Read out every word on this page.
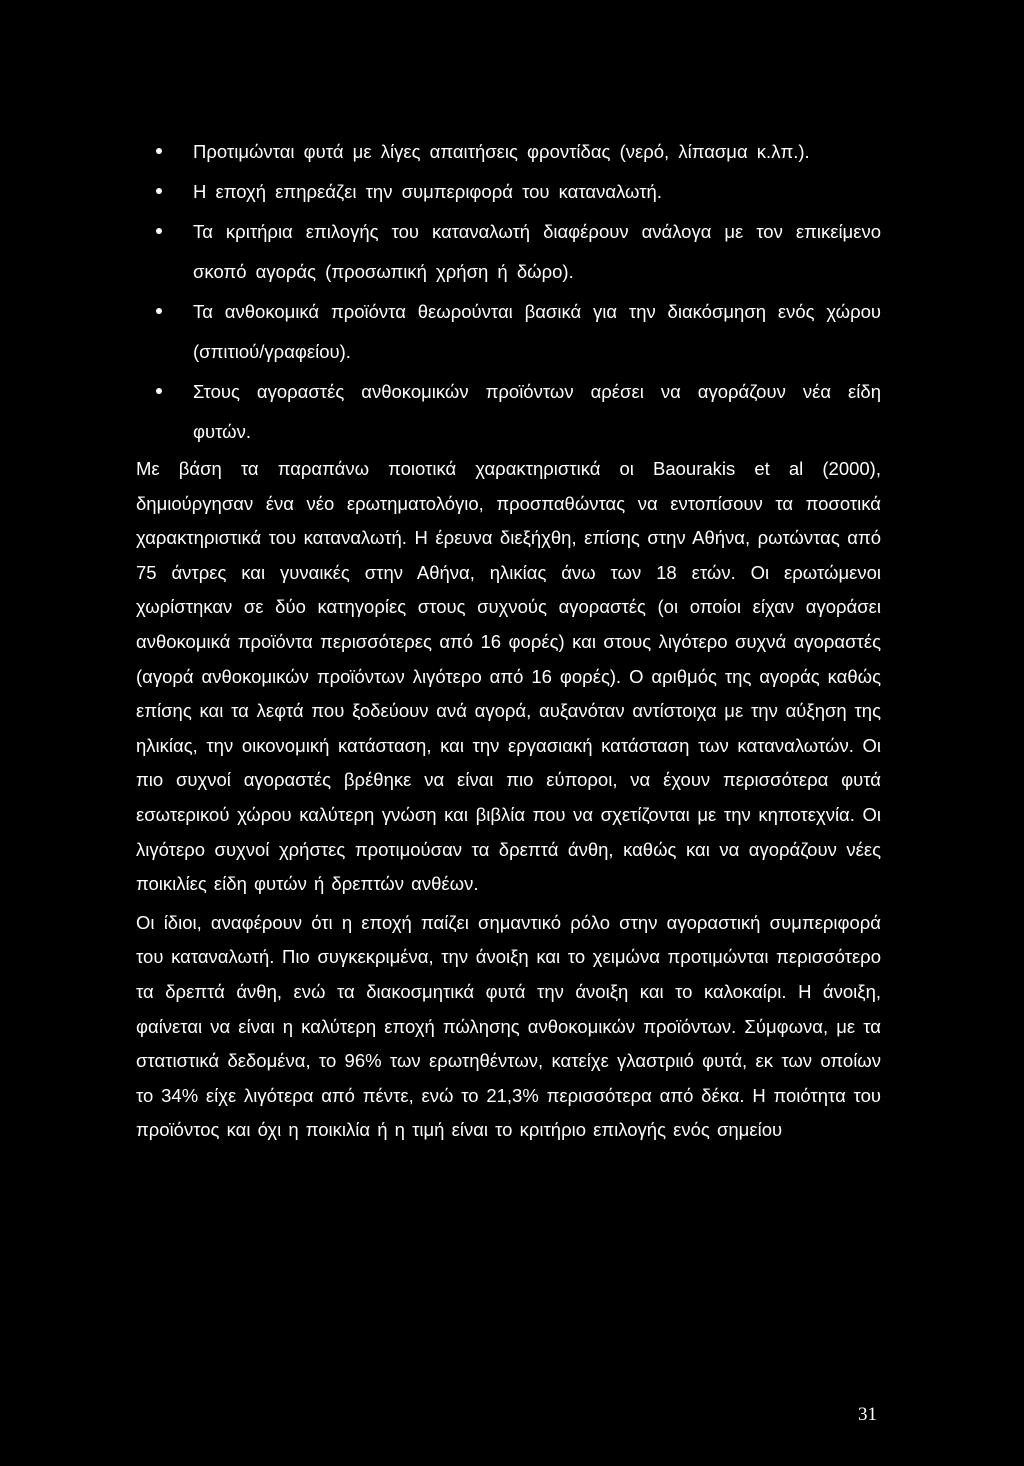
Προτιμώνται φυτά με λίγες απαιτήσεις φροντίδας (νερό, λίπασμα κ.λπ.).
Η εποχή επηρεάζει την συμπεριφορά του καταναλωτή.
Τα κριτήρια επιλογής του καταναλωτή διαφέρουν ανάλογα με τον επικείμενο σκοπό αγοράς (προσωπική χρήση ή δώρο).
Τα ανθοκομικά προϊόντα θεωρούνται βασικά για την διακόσμηση ενός χώρου (σπιτιού/γραφείου).
Στους αγοραστές ανθοκομικών προϊόντων αρέσει να αγοράζουν νέα είδη φυτών.

Με βάση τα παραπάνω ποιοτικά χαρακτηριστικά οι Baourakis et al (2000), δημιούργησαν ένα νέο ερωτηματολόγιο, προσπαθώντας να εντοπίσουν τα ποσοτικά χαρακτηριστικά του καταναλωτή. Η έρευνα διεξήχθη, επίσης στην Αθήνα, ρωτώντας από 75 άντρες και γυναικές στην Αθήνα, ηλικίας άνω των 18 ετών. Οι ερωτώμενοι χωρίστηκαν σε δύο κατηγορίες στους συχνούς αγοραστές (οι οποίοι είχαν αγοράσει ανθοκομικά προϊόντα περισσότερες από 16 φορές) και στους λιγότερο συχνά αγοραστές (αγορά ανθοκομικών προϊόντων λιγότερο από 16 φορές). Ο αριθμός της αγοράς καθώς επίσης και τα λεφτά που ξοδεύουν ανά αγορά, αυξανόταν αντίστοιχα με την αύξηση της ηλικίας, την οικονομική κατάσταση, και την εργασιακή κατάσταση των καταναλωτών. Οι πιο συχνοί αγοραστές βρέθηκε να είναι πιο εύποροι, να έχουν περισσότερα φυτά εσωτερικού χώρου καλύτερη γνώση και βιβλία που να σχετίζονται με την κηποτεχνία. Οι λιγότερο συχνοί χρήστες προτιμούσαν τα δρεπτά άνθη, καθώς και να αγοράζουν νέες ποικιλίες είδη φυτών ή δρεπτών ανθέων.

Οι ίδιοι, αναφέρουν ότι η εποχή παίζει σημαντικό ρόλο στην αγοραστική συμπεριφορά του καταναλωτή. Πιο συγκεκριμένα, την άνοιξη και το χειμώνα προτιμώνται περισσότερο τα δρεπτά άνθη, ενώ τα διακοσμητικά φυτά την άνοιξη και το καλοκαίρι. Η άνοιξη, φαίνεται να είναι η καλύτερη εποχή πώλησης ανθοκομικών προϊόντων. Σύμφωνα, με τα στατιστικά δεδομένα, το 96% των ερωτηθέντων, κατείχε γλαστριιό φυτά, εκ των οποίων το 34% είχε λιγότερα από πέντε, ενώ το 21,3% περισσότερα από δέκα. Η ποιότητα του προϊόντος και όχι η ποικιλία ή η τιμή είναι το κριτήριο επιλογής ενός σημείου

31
